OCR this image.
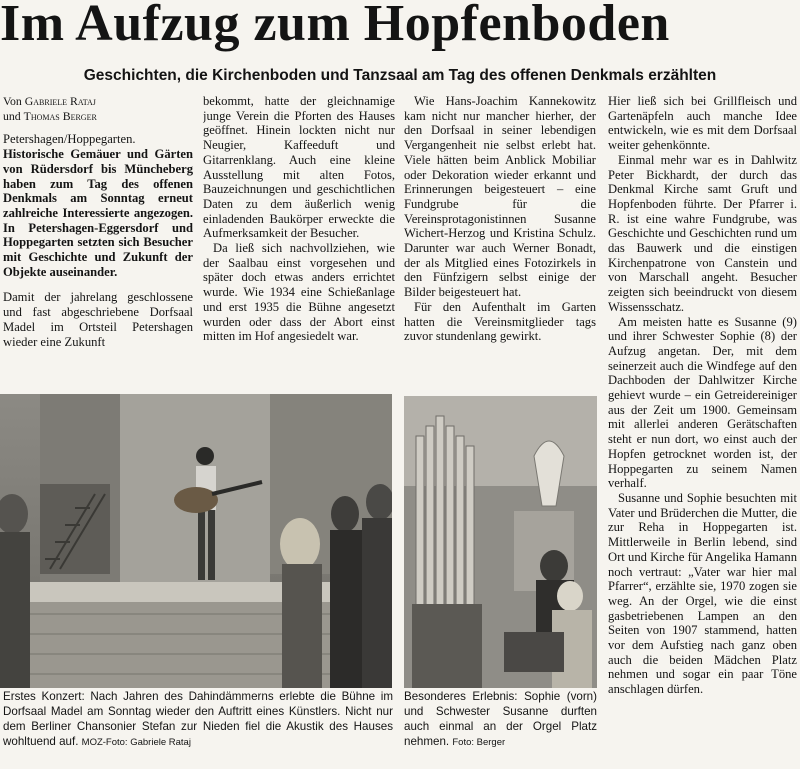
Im Aufzug zum Hopfenboden
Geschichten, die Kirchenboden und Tanzsaal am Tag des offenen Denkmals erzählten

Von Gabriele Rataj
und Thomas Berger

Petershagen/Hoppegarten. Historische Gemäuer und Gärten von Rüdersdorf bis Müncheberg haben zum Tag des offenen Denkmals am Sonntag erneut zahlreiche Interessierte angezogen. In Petershagen-Eggersdorf und Hoppegarten setzten sich Besucher mit Geschichte und Zukunft der Objekte auseinander.

Damit der jahrelang geschlossene und fast abgeschriebene Dorfsaal Madel im Ortsteil Petershagen wieder eine Zukunft

bekommt, hatte der gleichnamige junge Verein die Pforten des Hauses geöffnet. Hinein lockten nicht nur Neugier, Kaffeeduft und Gitarrenklang. Auch eine kleine Ausstellung mit alten Fotos, Bauzeichnungen und geschichtlichen Daten zu dem äußerlich wenig einladenden Baukörper erweckte die Aufmerksamkeit der Besucher.

Da ließ sich nachvollziehen, wie der Saalbau einst vorgesehen und später doch etwas anders errichtet wurde. Wie 1934 eine Schießanlage und erst 1935 die Bühne angesetzt wurden oder dass der Abort einst mitten im Hof angesiedelt war.

Wie Hans-Joachim Kannekowitz kam nicht nur mancher hierher, der den Dorfsaal in seiner lebendigen Vergangenheit nie selbst erlebt hat. Viele hätten beim Anblick Mobiliar oder Dekoration wieder erkannt und Erinnerungen beigesteuert – eine Fundgrube für die Vereinsprotagonistinnen Susanne Wichert-Herzog und Kristina Schulz. Darunter war auch Werner Bonadt, der als Mitglied eines Fotozirkels in den Fünfzigern selbst einige der Bilder beigesteuert hat.

Für den Aufenthalt im Garten hatten die Vereinsmitglieder tags zuvor stundenlang gewirkt.

Hier ließ sich bei Grillfleisch und Gartenäpfeln auch manche Idee entwickeln, wie es mit dem Dorfsaal weiter gehenkönnte.

Einmal mehr war es in Dahlwitz Peter Bickhardt, der durch das Denkmal Kirche samt Gruft und Hopfenboden führte. Der Pfarrer i. R. ist eine wahre Fundgrube, was Geschichte und Geschichten rund um das Bauwerk und die einstigen Kirchenpatrone von Canstein und von Marschall angeht. Besucher zeigten sich beeindruckt von diesem Wissensschatz.

Am meisten hatte es Susanne (9) und ihrer Schwester Sophie (8) der Aufzug angetan. Der, mit dem seinerzeit auch die Windfege auf den Dachboden der Dahlwitzer Kirche gehievt wurde – ein Getreidereiniger aus der Zeit um 1900. Gemeinsam mit allerlei anderen Gerätschaften steht er nun dort, wo einst auch der Hopfen getrocknet worden ist, der Hoppegarten zu seinem Namen verhalf.

Susanne und Sophie besuchten mit Vater und Brüderchen die Mutter, die zur Reha in Hoppegarten ist. Mittlerweile in Berlin lebend, sind Ort und Kirche für Angelika Hamann noch vertraut: „Vater war hier mal Pfarrer“, erzählte sie, 1970 zogen sie weg. An der Orgel, wie die einst gasbetriebenen Lampen an den Seiten von 1907 stammend, hatten vor dem Aufstieg nach ganz oben auch die beiden Mädchen Platz nehmen und sogar ein paar Töne anschlagen dürfen.

Erstes Konzert: Nach Jahren des Dahindämmerns erlebte die Bühne im Dorfsaal Madel am Sonntag wieder den Auftritt eines Künstlers. Nicht nur dem Berliner Chansonier Stefan zur Nieden fiel die Akustik des Hauses wohltuend auf. MOZ-Foto: Gabriele Rataj
Besonderes Erlebnis: Sophie (vorn) und Schwester Susanne durften auch einmal an der Orgel Platz nehmen. Foto: Berger
